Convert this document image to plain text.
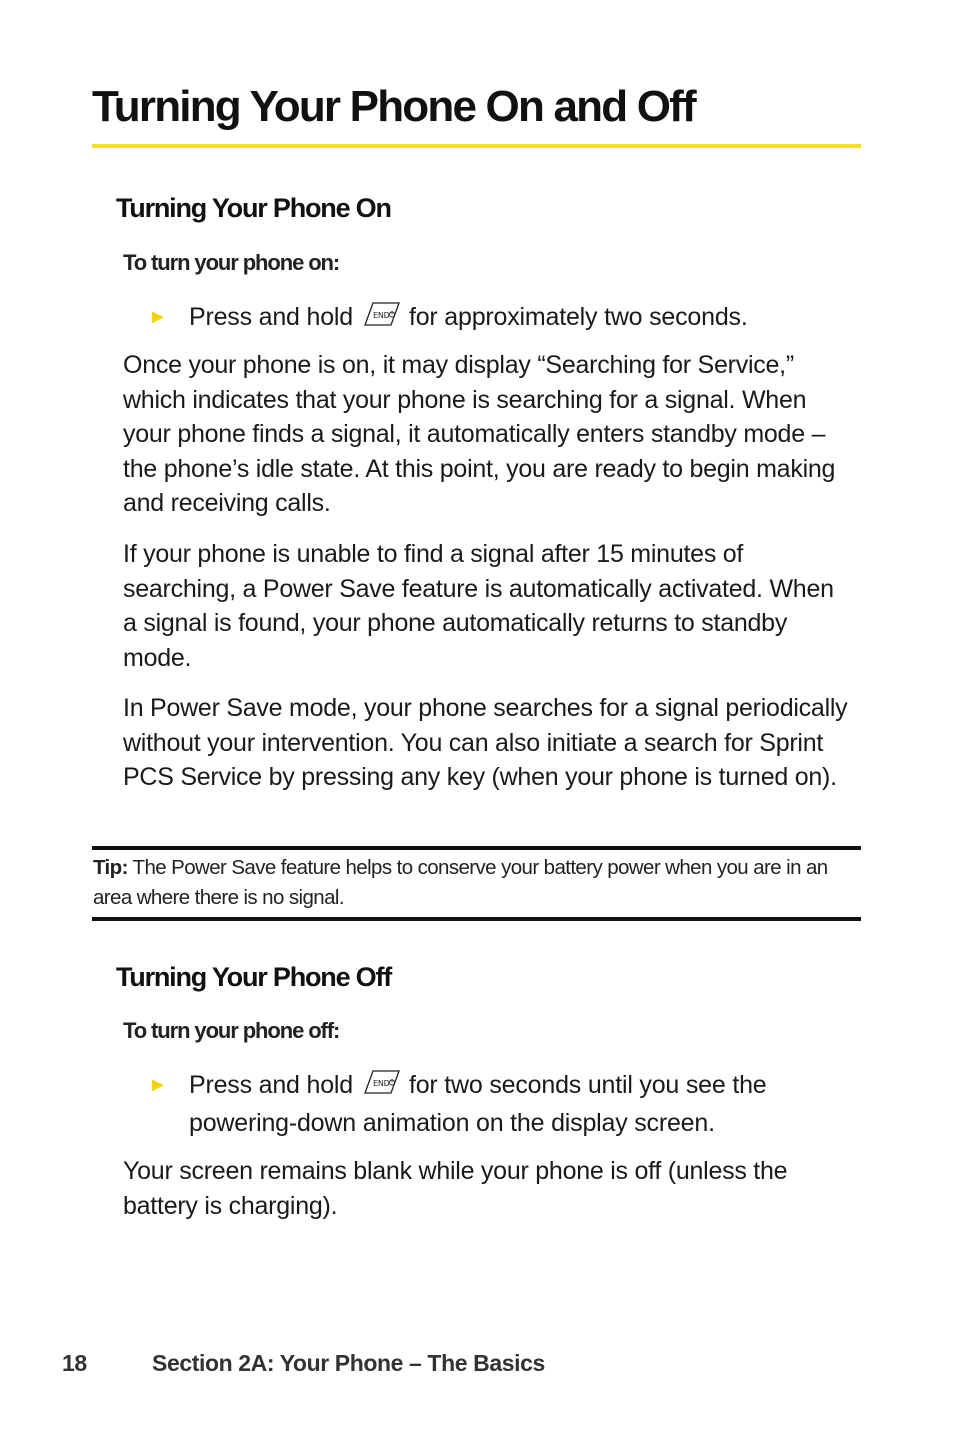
Turning Your Phone On and Off
Turning Your Phone On
To turn your phone on:
► Press and hold	END for approximately two seconds.

Once your phone is on, it may display “Searching for Service,” which indicates that your phone is searching for a signal. When your phone finds a signal, it automatically enters standby mode – the phone’s idle state. At this point, you are ready to begin making and receiving calls.

If your phone is unable to find a signal after 15 minutes of searching, a Power Save feature is automatically activated. When a signal is found, your phone automatically returns to standby mode.

In Power Save mode, your phone searches for a signal periodically without your intervention. You can also initiate a search for Sprint PCS Service by pressing any key (when your phone is turned on).

Tip: The Power Save feature helps to conserve your battery power when you are in an area where there is no signal.

Turning Your Phone Off
To turn your phone off:
► Press and hold	END for two seconds until you see the powering-down animation on the display screen.

Your screen remains blank while your phone is off (unless the battery is charging).

18	Section 2A: Your Phone – The Basics
